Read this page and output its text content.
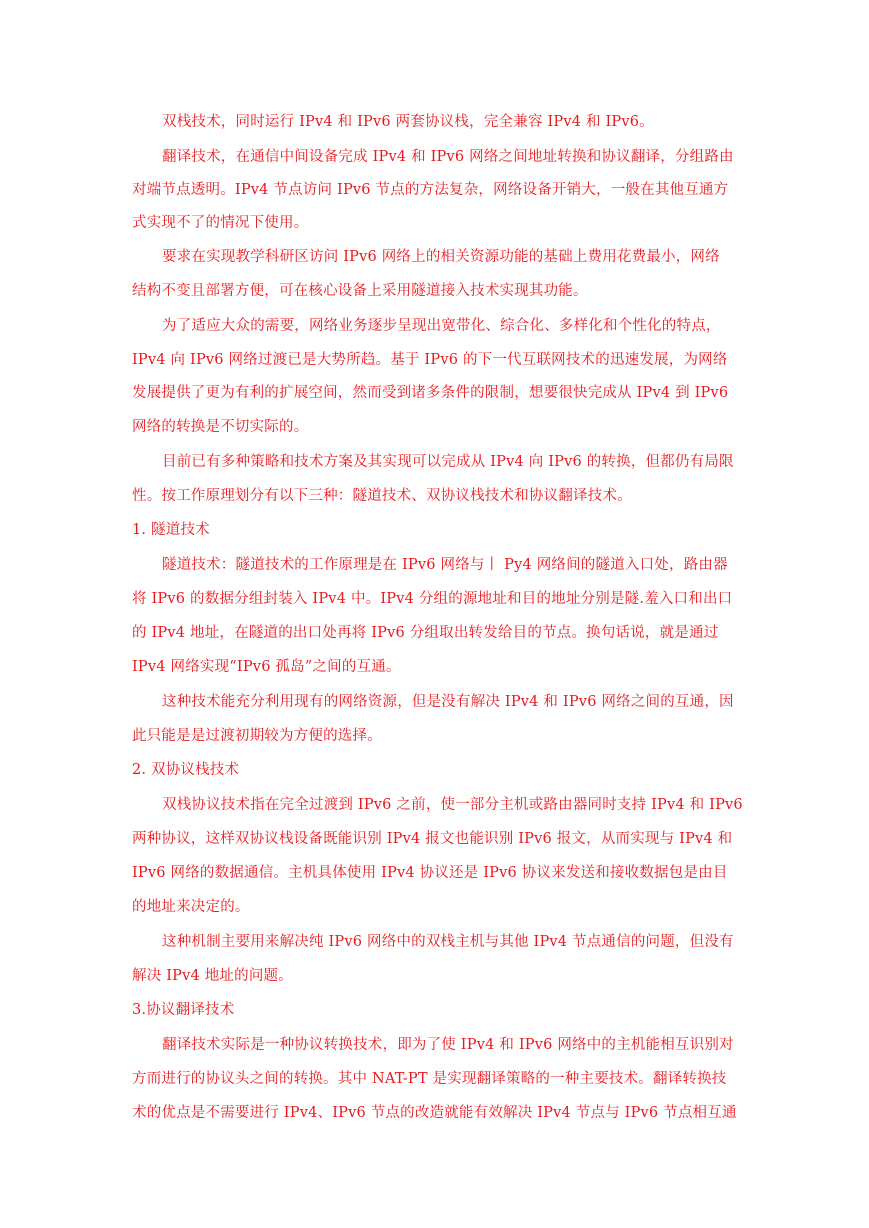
双栈技术，同时运行 IPv4 和 IPv6 两套协议栈，完全兼容 IPv4 和 IPv6。
翻译技术，在通信中间设备完成 IPv4 和 IPv6 网络之间地址转换和协议翻译，分组路由
对端节点透明。IPv4 节点访问 IPv6 节点的方法复杂，网络设备开销大，一般在其他互通方
式实现不了的情况下使用。
要求在实现教学科研区访问 IPv6 网络上的相关资源功能的基础上费用花费最小，网络
结构不变且部署方便，可在核心设备上采用隧道接入技术实现其功能。
为了适应大众的需要，网络业务逐步呈现出宽带化、综合化、多样化和个性化的特点，
IPv4 向 IPv6 网络过渡已是大势所趋。基于 IPv6 的下一代互联网技术的迅速发展，为网络
发展提供了更为有利的扩展空间，然而受到诸多条件的限制，想要很快完成从 IPv4 到 IPv6
网络的转换是不切实际的。
目前已有多种策略和技术方案及其实现可以完成从 IPv4 向 IPv6 的转换，但都仍有局限
性。按工作原理划分有以下三种：隧道技术、双协议栈技术和协议翻译技术。
1. 隧道技术
隧道技术：隧道技术的工作原理是在 IPv6 网络与丨 Py4 网络间的隧道入口处，路由器
将 IPv6 的数据分组封装入 IPv4 中。IPv4 分组的源地址和目的地址分别是隧.羞入口和出口
的 IPv4 地址，在隧道的出口处再将 IPv6 分组取出转发给目的节点。换句话说，就是通过
IPv4 网络实现“IPv6 孤岛”之间的互通。
这种技术能充分利用现有的网络资源，但是没有解决 IPv4 和 IPv6 网络之间的互通，因
此只能是是过渡初期较为方便的选择。
2. 双协议栈技术
双栈协议技术指在完全过渡到 IPv6 之前，使一部分主机或路由器同时支持 IPv4 和 IPv6
两种协议，这样双协议栈设备既能识别 IPv4 报文也能识别 IPv6 报文，从而实现与 IPv4 和
IPv6 网络的数据通信。主机具体使用 IPv4 协议还是 IPv6 协议来发送和接收数据包是由目
的地址来决定的。
这种机制主要用来解决纯 IPv6 网络中的双栈主机与其他 IPv4 节点通信的问题，但没有
解决 IPv4 地址的问题。
3.协议翻译技术
翻译技术实际是一种协议转换技术，即为了使 IPv4 和 IPv6 网络中的主机能相互识别对
方而进行的协议头之间的转换。其中 NAT-PT 是实现翻译策略的一种主要技术。翻译转换技
术的优点是不需要进行 IPv4、IPv6 节点的改造就能有效解决 IPv4 节点与 IPv6 节点相互通
